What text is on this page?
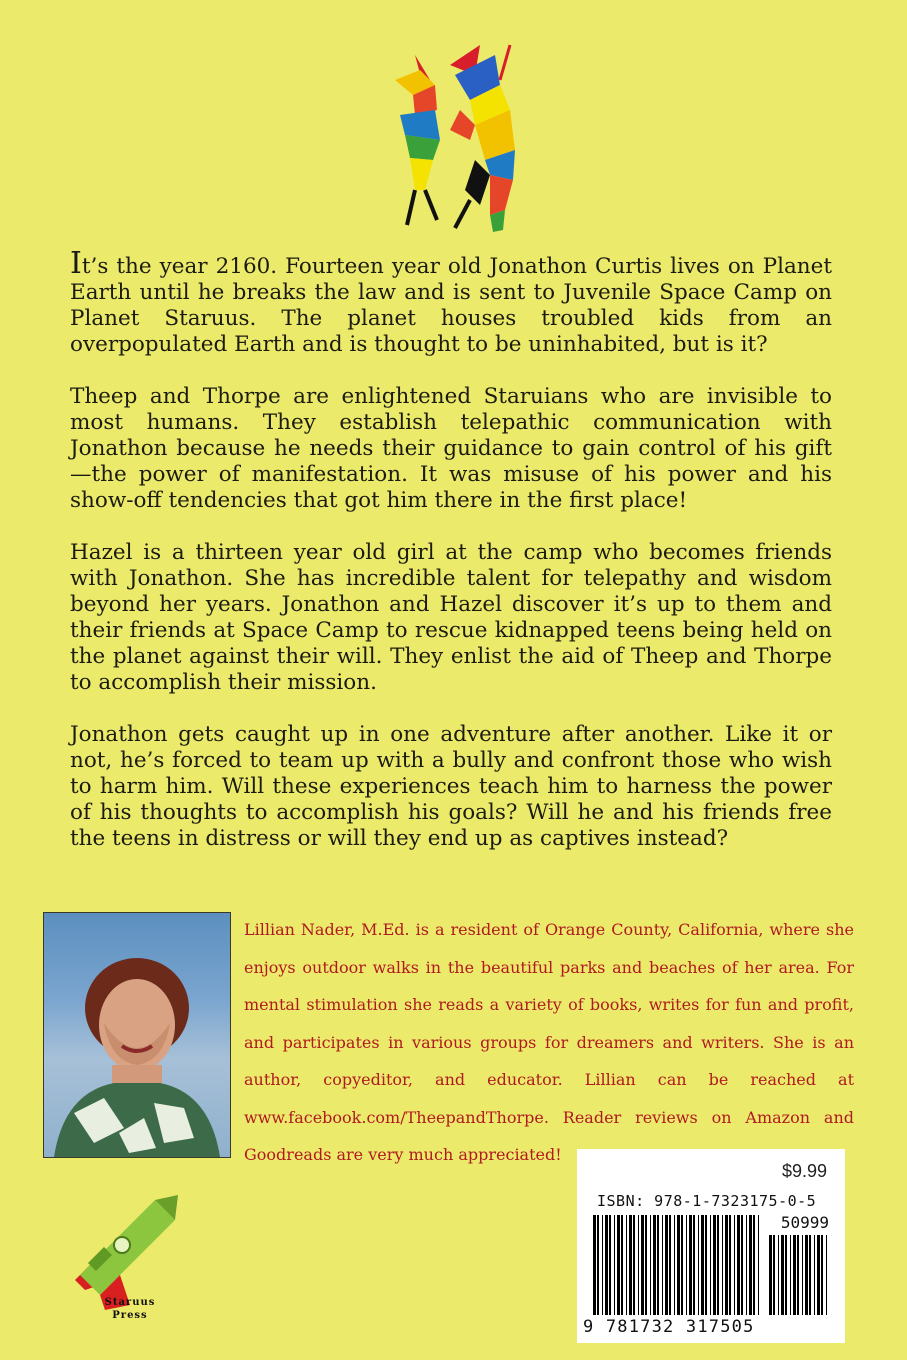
It’s the year 2160. Fourteen year old Jonathon Curtis lives on Planet Earth until he breaks the law and is sent to Juvenile Space Camp on Planet Staruus. The planet houses troubled kids from an overpopulated Earth and is thought to be uninhabited, but is it?

Theep and Thorpe are enlightened Staruians who are invisible to most humans. They establish telepathic communication with Jonathon because he needs their guidance to gain control of his gift—the power of manifestation. It was misuse of his power and his show-off tendencies that got him there in the first place!

Hazel is a thirteen year old girl at the camp who becomes friends with Jonathon. She has incredible talent for telepathy and wisdom beyond her years. Jonathon and Hazel discover it’s up to them and their friends at Space Camp to rescue kidnapped teens being held on the planet against their will. They enlist the aid of Theep and Thorpe to accomplish their mission.

Jonathon gets caught up in one adventure after another. Like it or not, he’s forced to team up with a bully and confront those who wish to harm him. Will these experiences teach him to harness the power of his thoughts to accomplish his goals? Will he and his friends free the teens in distress or will they end up as captives instead?

Lillian Nader, M.Ed. is a resident of Orange County, California, where she enjoys outdoor walks in the beautiful parks and beaches of her area. For mental stimulation she reads a variety of books, writes for fun and profit, and participates in various groups for dreamers and writers. She is an author, copyeditor, and educator. Lillian can be reached at www.facebook.com/TheepandThorpe. Reader reviews on Amazon and Goodreads are very much appreciated!
$9.99
ISBN: 978-1-7323175-0-5
50999
9 781732 317505
Staruus
Press
